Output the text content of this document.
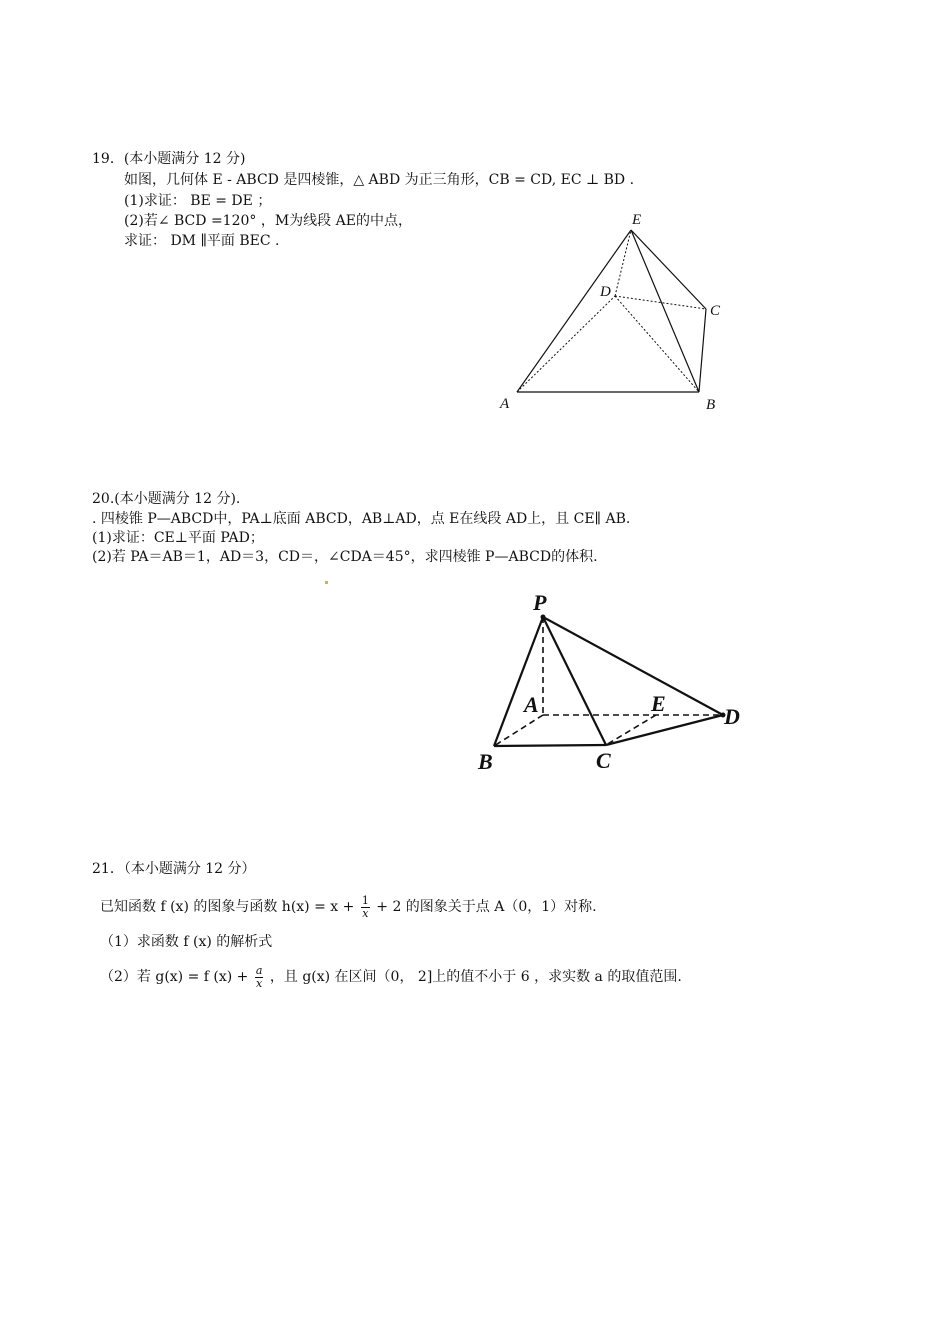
19．(本小题满分 12 分)
如图，几何体 E - ABCD 是四棱锥，△ ABD 为正三角形，CB = CD, EC ⊥ BD .
(1)求证： BE = DE ；
(2)若∠ BCD =120° ，M为线段 AE的中点，
求证： DM ∥平面 BEC .
E
D
C
A	B
20.(本小题满分 12 分).
. 四棱锥 P—ABCD中，PA⊥底面 ABCD，AB⊥AD，点 E在线段 AD上，且 CE∥ AB.
(1)求证：CE⊥平面 PAD；
(2)若 PA＝AB＝1，AD＝3，CD＝，∠CDA＝45°，求四棱锥 P—ABCD的体积.
P
A	E
D
B	C
21．（本小题满分 12 分）
已知函数 f (x) 的图象与函数 $h(x) = x + \frac{1}{x} + 2$ 的图象关于点 A（0，1）对称.
（1）求函数 f (x) 的解析式
（2）若 g(x) = f $(x) + \frac{a}{x}$ ，且 g(x) 在区间（0， 2]上的值不小于 6 ，求实数 a 的取值范围.
